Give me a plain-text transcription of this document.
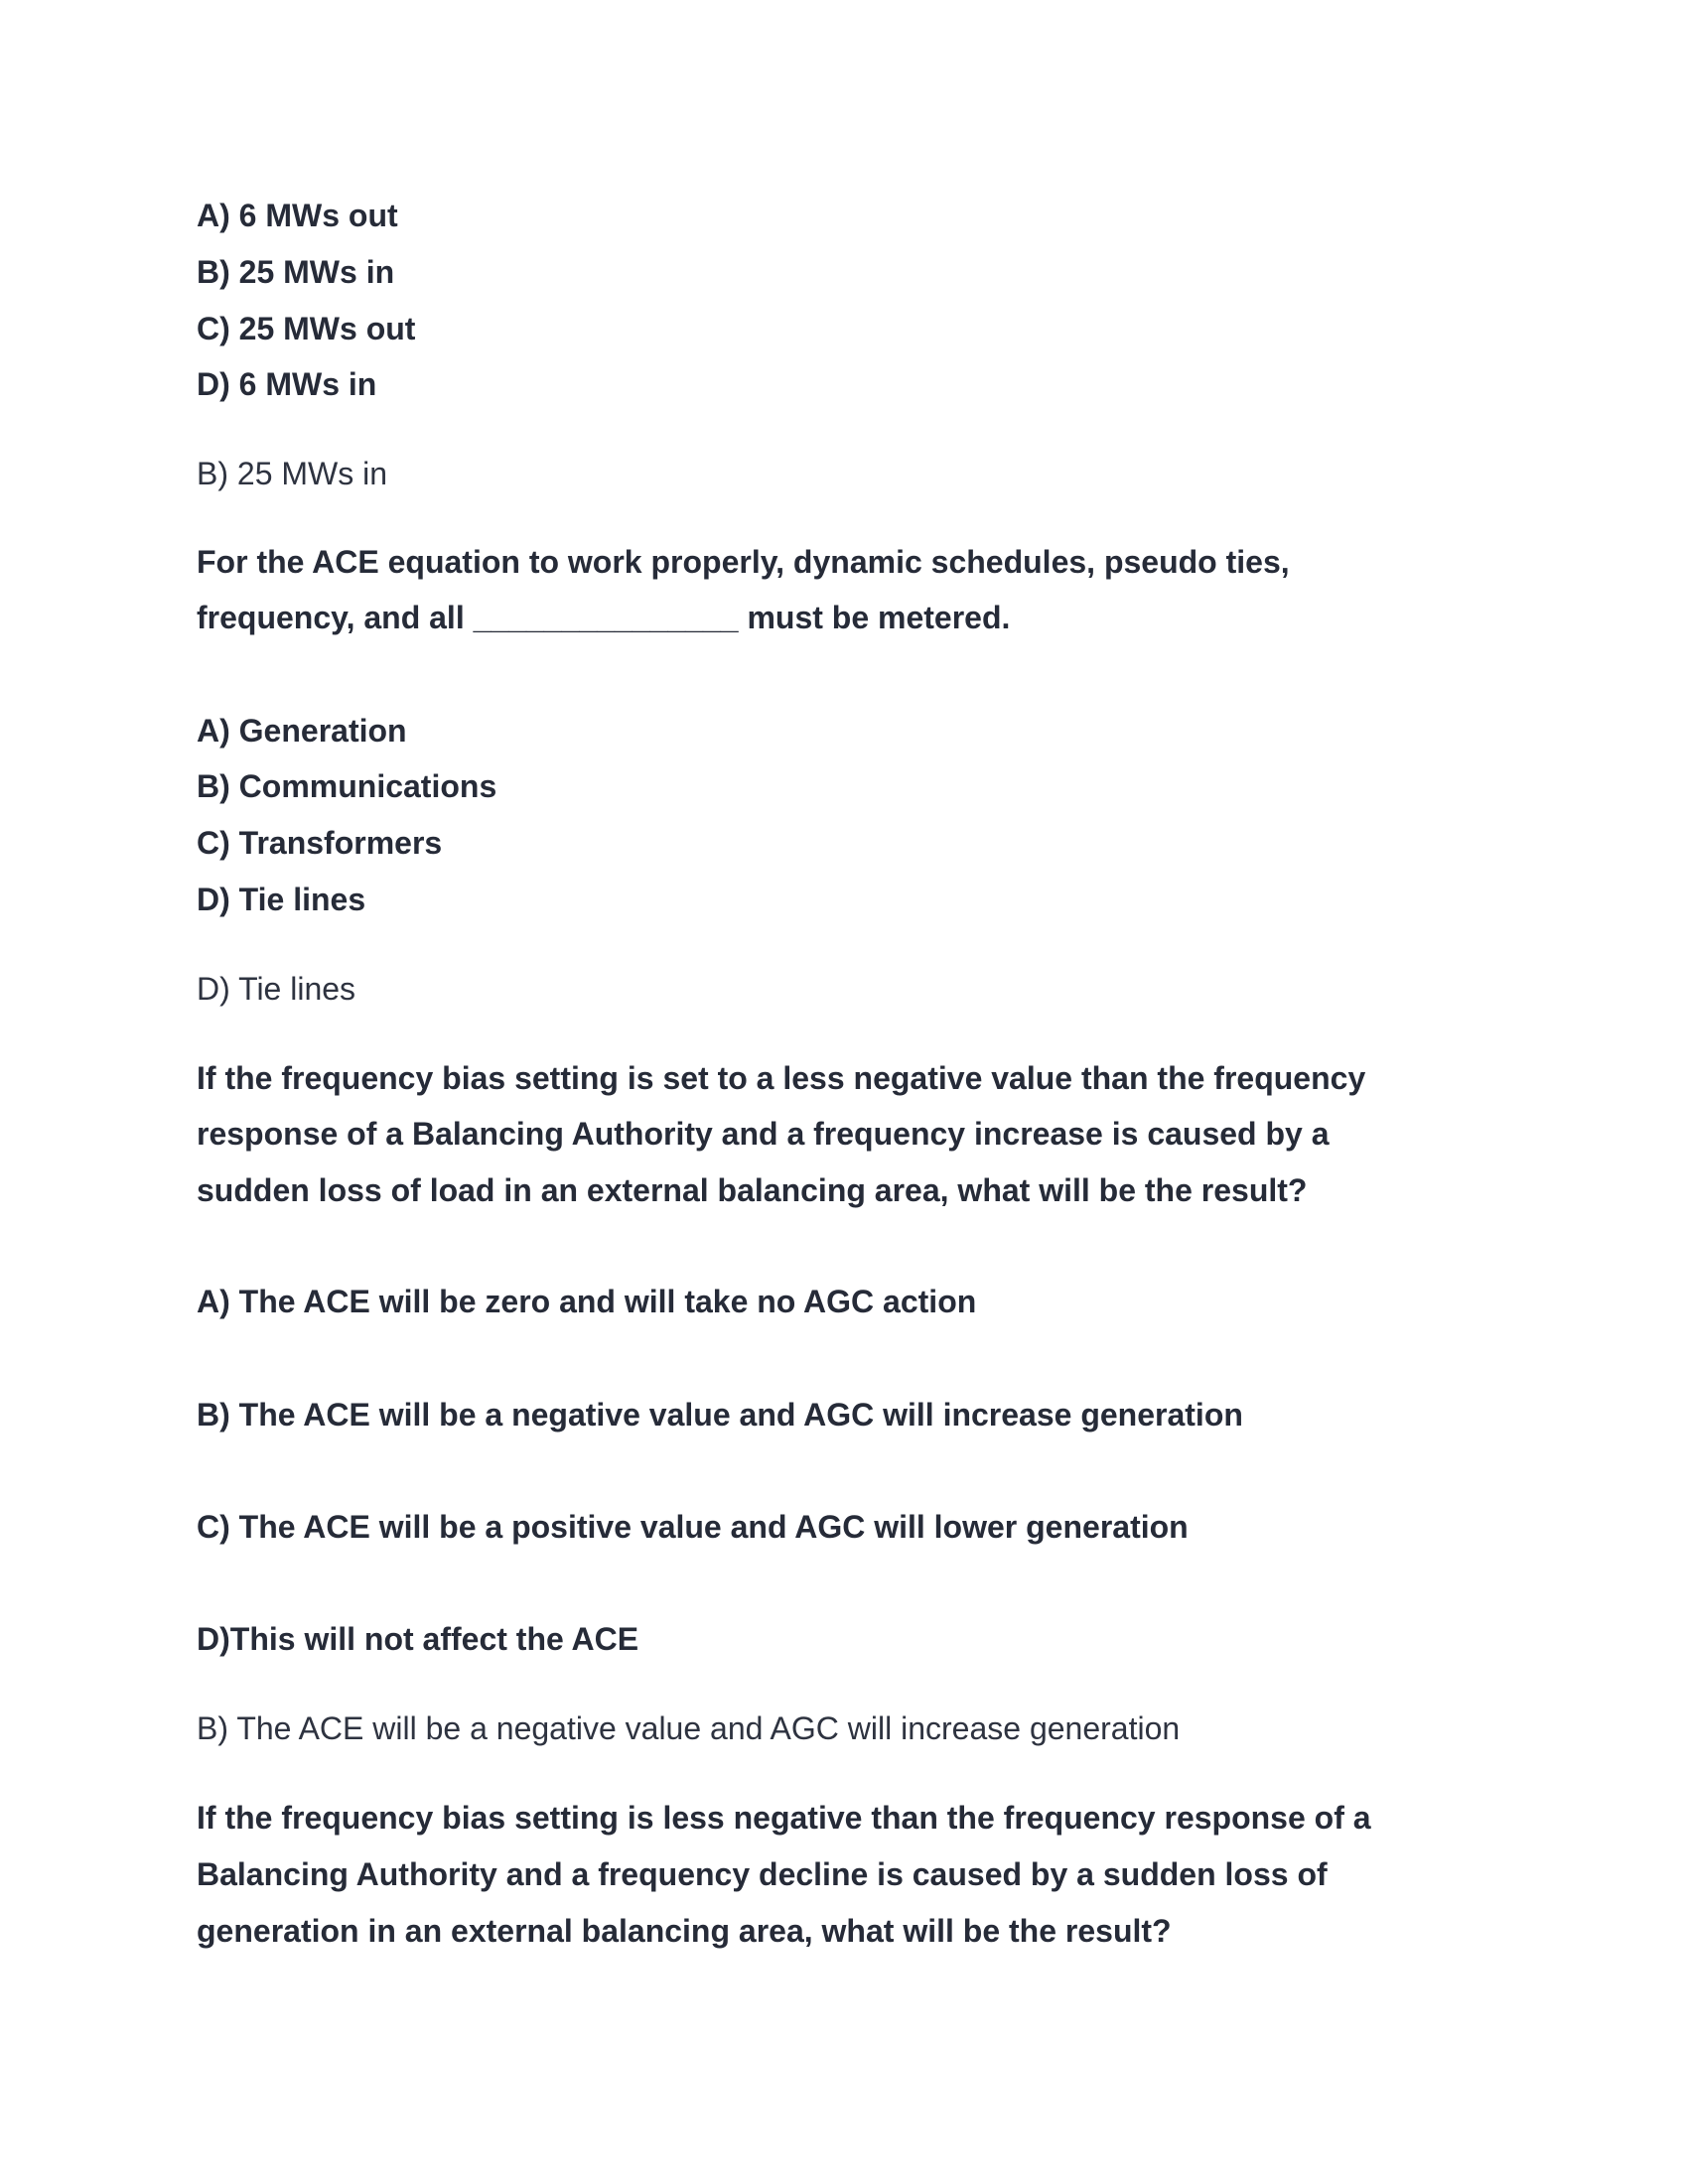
A) 6 MWs out
B) 25 MWs in
C) 25 MWs out
D) 6 MWs in
B) 25 MWs in
For the ACE equation to work properly, dynamic schedules, pseudo ties,
frequency, and all _______________ must be metered.
A) Generation
B) Communications
C) Transformers
D) Tie lines
D) Tie lines
If the frequency bias setting is set to a less negative value than the frequency
response of a Balancing Authority and a frequency increase is caused by a
sudden loss of load in an external balancing area, what will be the result?
A) The ACE will be zero and will take no AGC action
B) The ACE will be a negative value and AGC will increase generation
C) The ACE will be a positive value and AGC will lower generation
D)This will not affect the ACE
B) The ACE will be a negative value and AGC will increase generation
If the frequency bias setting is less negative than the frequency response of a
Balancing Authority and a frequency decline is caused by a sudden loss of
generation in an external balancing area, what will be the result?
